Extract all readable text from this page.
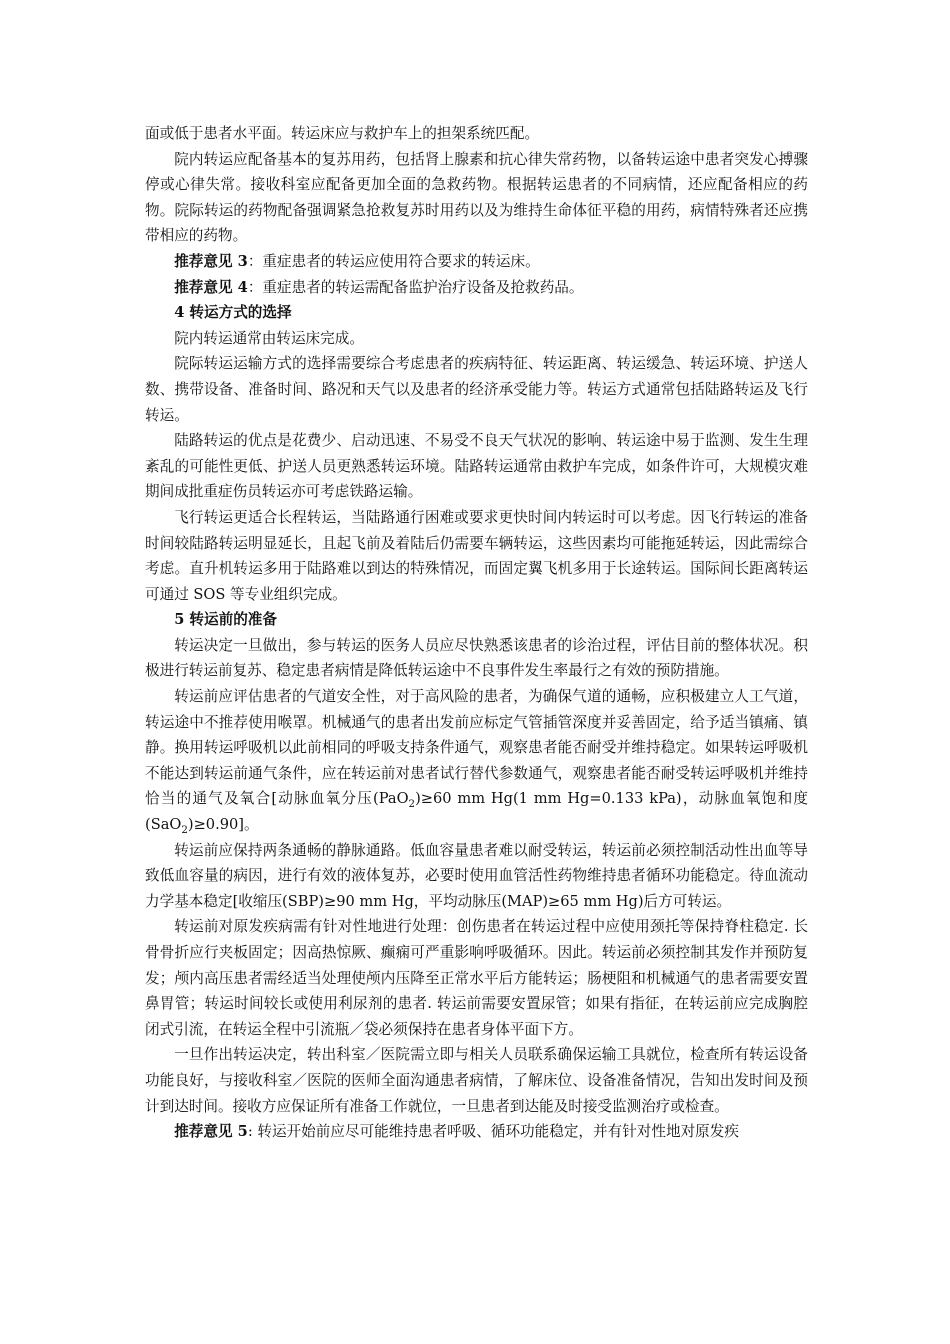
面或低于患者水平面。转运床应与救护车上的担架系统匹配。

院内转运应配备基本的复苏用药，包括肾上腺素和抗心律失常药物，以备转运途中患者突发心搏骤停或心律失常。接收科室应配备更加全面的急救药物。根据转运患者的不同病情，还应配备相应的药物。院际转运的药物配备强调紧急抢救复苏时用药以及为维持生命体征平稳的用药，病情特殊者还应携带相应的药物。

推荐意见 3：重症患者的转运应使用符合要求的转运床。

推荐意见 4：重症患者的转运需配备监护治疗设备及抢救药品。

4 转运方式的选择

院内转运通常由转运床完成。

院际转运运输方式的选择需要综合考虑患者的疾病特征、转运距离、转运缓急、转运环境、护送人数、携带设备、准备时间、路况和天气以及患者的经济承受能力等。转运方式通常包括陆路转运及飞行转运。

陆路转运的优点是花费少、启动迅速、不易受不良天气状况的影响、转运途中易于监测、发生生理紊乱的可能性更低、护送人员更熟悉转运环境。陆路转运通常由救护车完成，如条件许可，大规模灾难期间成批重症伤员转运亦可考虑铁路运输。

飞行转运更适合长程转运，当陆路通行困难或要求更快时间内转运时可以考虑。因飞行转运的准备时间较陆路转运明显延长，且起飞前及着陆后仍需要车辆转运，这些因素均可能拖延转运，因此需综合考虑。直升机转运多用于陆路难以到达的特殊情况，而固定翼飞机多用于长途转运。国际间长距离转运可通过 SOS 等专业组织完成。

5 转运前的准备

转运决定一旦做出，参与转运的医务人员应尽快熟悉该患者的诊治过程，评估目前的整体状况。积极进行转运前复苏、稳定患者病情是降低转运途中不良事件发生率最行之有效的预防措施。

转运前应评估患者的气道安全性，对于高风险的患者，为确保气道的通畅，应积极建立人工气道，转运途中不推荐使用喉罩。机械通气的患者出发前应标定气管插管深度并妥善固定，给予适当镇痛、镇静。换用转运呼吸机以此前相同的呼吸支持条件通气，观察患者能否耐受并维持稳定。如果转运呼吸机不能达到转运前通气条件，应在转运前对患者试行替代参数通气，观察患者能否耐受转运呼吸机并维持恰当的通气及氧合[动脉血氧分压(PaO$_2$)≥60 mm Hg(1 mm Hg=0.133 kPa)，动脉血氧饱和度(SaO$_2$)≥0.90]。

转运前应保持两条通畅的静脉通路。低血容量患者难以耐受转运，转运前必须控制活动性出血等导致低血容量的病因，进行有效的液体复苏，必要时使用血管活性药物维持患者循环功能稳定。待血流动力学基本稳定[收缩压(SBP)≥90 mm Hg，平均动脉压(MAP)≥65 mm Hg)后方可转运。

转运前对原发疾病需有针对性地进行处理：创伤患者在转运过程中应使用颈托等保持脊柱稳定. 长骨骨折应行夹板固定；因高热惊厥、癫痫可严重影响呼吸循环。因此。转运前必须控制其发作并预防复发；颅内高压患者需经适当处理使颅内压降至正常水平后方能转运；肠梗阻和机械通气的患者需要安置鼻胃管；转运时间较长或使用利尿剂的患者. 转运前需要安置尿管；如果有指征，在转运前应完成胸腔闭式引流，在转运全程中引流瓶／袋必须保持在患者身体平面下方。

一旦作出转运决定，转出科室／医院需立即与相关人员联系确保运输工具就位，检查所有转运设备功能良好，与接收科室／医院的医师全面沟通患者病情，了解床位、设备准备情况，告知出发时间及预计到达时间。接收方应保证所有准备工作就位，一旦患者到达能及时接受监测治疗或检查。

推荐意见 5: 转运开始前应尽可能维持患者呼吸、循环功能稳定，并有针对性地对原发疾
